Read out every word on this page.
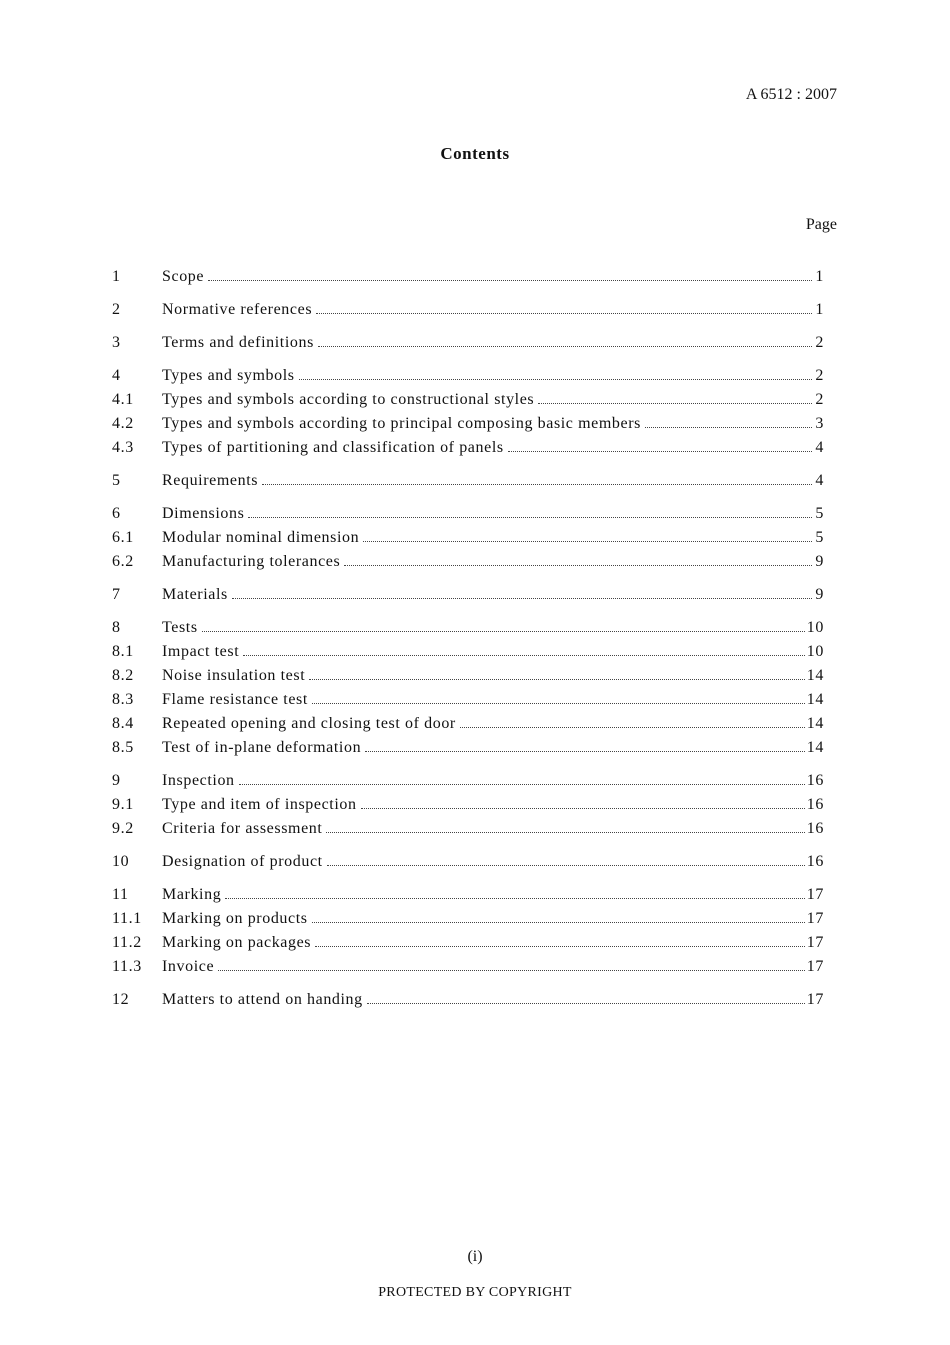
A 6512 : 2007
Contents
Page
1	Scope	1
2	Normative references	1
3	Terms and definitions	2
4	Types and symbols	2
4.1	Types and symbols according to constructional styles	2
4.2	Types and symbols according to principal composing basic members	3
4.3	Types of partitioning and classification of panels	4
5	Requirements	4
6	Dimensions	5
6.1	Modular nominal dimension	5
6.2	Manufacturing tolerances	9
7	Materials	9
8	Tests	10
8.1	Impact test	10
8.2	Noise insulation test	14
8.3	Flame resistance test	14
8.4	Repeated opening and closing test of door	14
8.5	Test of in-plane deformation	14
9	Inspection	16
9.1	Type and item of inspection	16
9.2	Criteria for assessment	16
10	Designation of product	16
11	Marking	17
11.1	Marking on products	17
11.2	Marking on packages	17
11.3	Invoice	17
12	Matters to attend on handing	17
(i)
PROTECTED BY COPYRIGHT
